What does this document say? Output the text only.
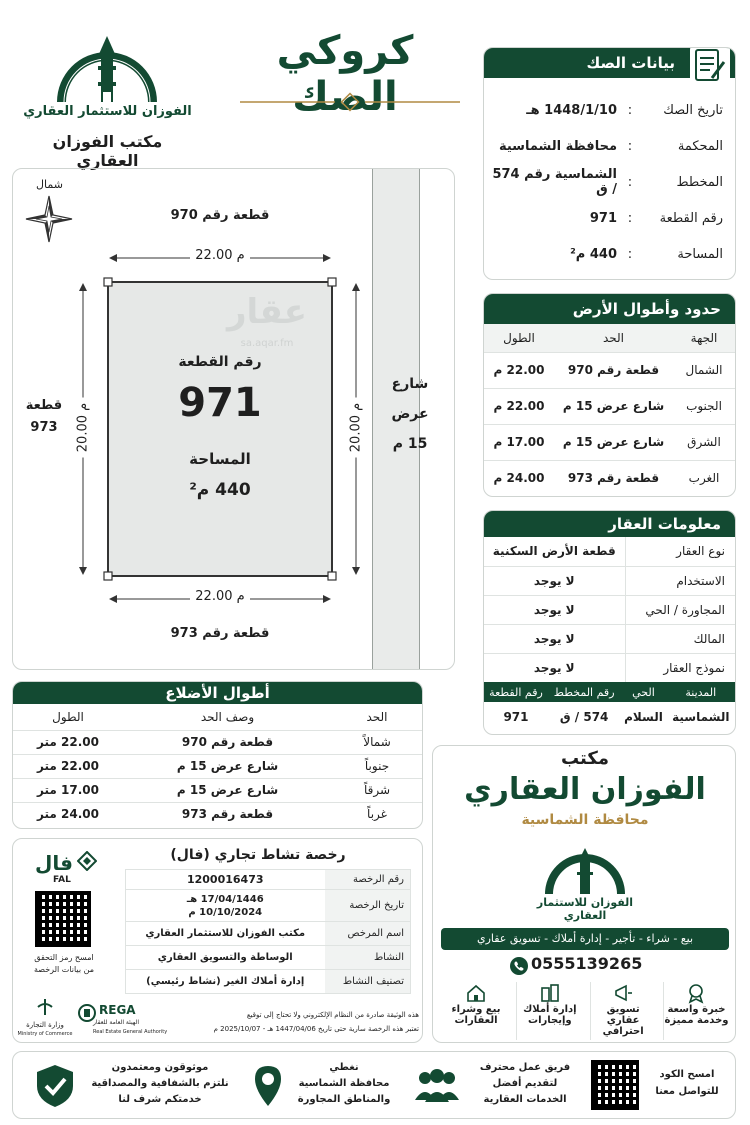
محافظة الشماسية
الفوزان للاستثمار العقاري
مكتب الفوزان العقاري
كروكي الصك
بيانات الصك
تاريخ الصك
:
1448/1/10 هـ
المحكمة
:
محافظة الشماسية
المخطط
:
الشماسية رقم 574 / ق
رقم القطعة
:
971
المساحة
:
440 م²
حدود وأطوال الأرض
الجهة	الحد	الطول
الشمال	قطعة رقم 970	22.00 م
الجنوب	شارع عرض 15 م	22.00 م
الشرق	شارع عرض 15 م	17.00 م
الغرب	قطعة رقم 973	24.00 م
معلومات العقار
نوع العقار	قطعة الأرض السكنية
الاستخدام	لا يوجد
المجاورة / الحي	لا يوجد
المالك	لا يوجد
نموذج العقار	لا يوجد
المدينة	الحي	رقم المخطط	رقم القطعة
الشماسية	السلام	574 / ق	971
شمال
قطعة رقم 970
قطعة رقم 973
قطعة
973
22.00 م
22.00 م
20.00 م
20.00 م
عقار
sa.aqar.fm
رقم القطعة
971
المساحة
440 م²
شارع
عرض
15 م
أطوال الأضلاع
الحد	وصف الحد	الطول
شمالاً	قطعة رقم 970	22.00 متر
جنوباً	شارع عرض 15 م	22.00 متر
شرقاً	شارع عرض 15 م	17.00 متر
غرباً	قطعة رقم 973	24.00 متر
رخصة تشاط تجاري (فال)
فال
FAL
امسح رمز التحقق
من بيانات الرخصة
رقم الرخصة	1200016473
تاريخ الرخصة	17/04/1446 هـ
10/10/2024 م

اسم المرخص	مكتب الفوزان للاستثمار العقاري
النشاط	الوساطة والتسويق العقاري
تصنيف النشاط	إدارة أملاك الغير (نشاط رئيسي)
هذه الوثيقة صادرة من النظام الإلكتروني ولا تحتاج إلى توقيع
تعتبر هذه الرخصة سارية حتى تاريخ 1447/04/06 هـ - 2025/10/07 م
REGA
الهيئة العامة للعقار
Real Estate General Authority
وزارة التجارة
Ministry of Commerce
مكتب
الفوزان العقاري
محافظة الشماسية
الفوزان للاستثمار العقاري
بيع - شراء - تأجير - إدارة أملاك - تسويق عقاري
0555139265
بيع وشراء
العقارات
إدارة أملاك
وإيجارات
تسويق عقاري
احترافي
خبرة واسعة
وخدمة مميزة
موثوقون ومعتمدون
نلتزم بالشفافية والمصداقية
خدمتكم شرف لنا
نغطي
محافظة الشماسية
والمناطق المجاورة
فريق عمل محترف
لتقديم أفضل
الخدمات العقارية
امسح الكود
للتواصل معنا
